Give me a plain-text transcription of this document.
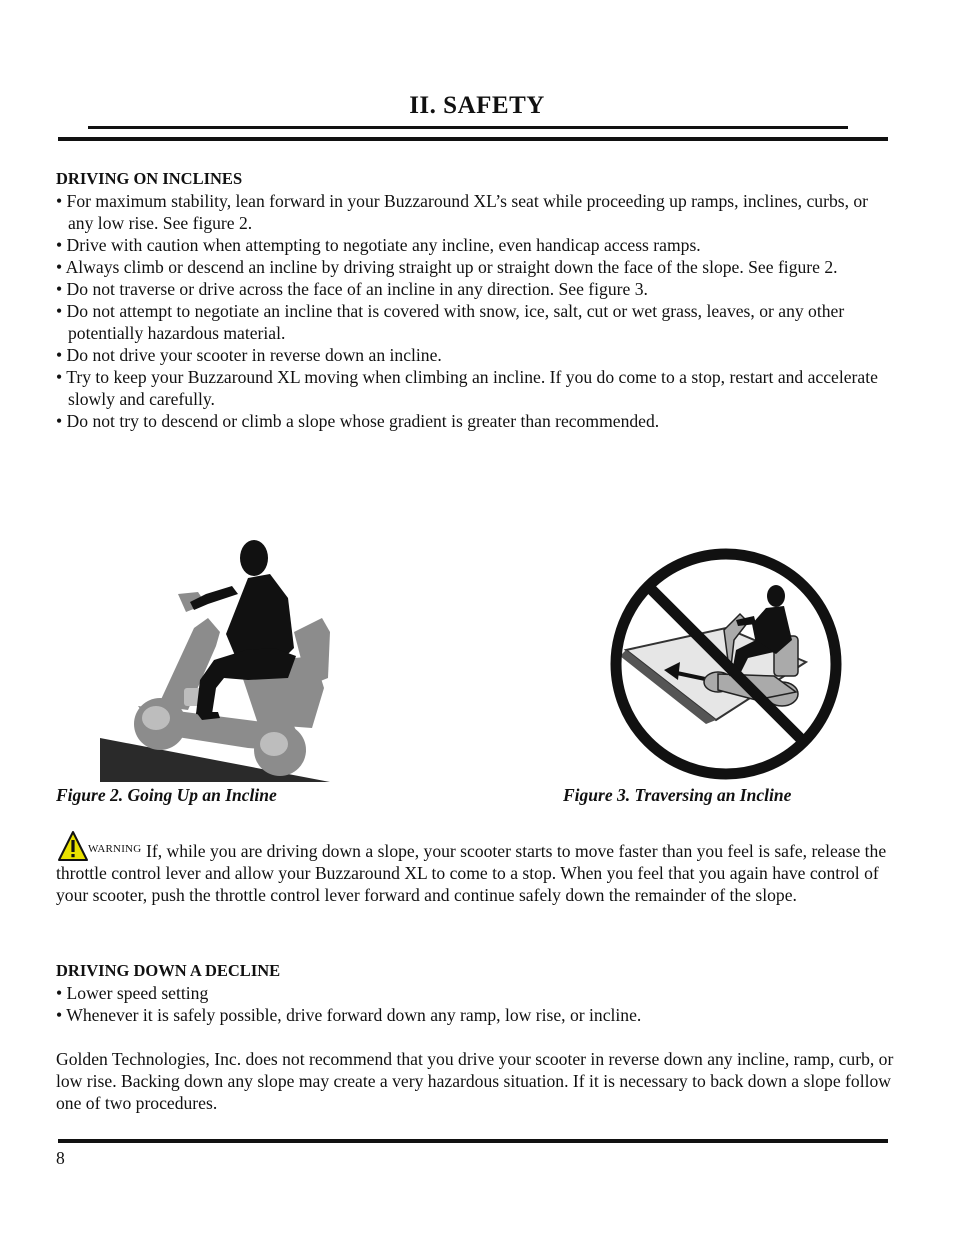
II. SAFETY
DRIVING ON INCLINES
• For maximum stability, lean forward in your Buzzaround XL’s seat while proceeding up ramps, inclines, curbs, or any low rise. See figure 2.
• Drive with caution when attempting to negotiate any incline, even handicap access ramps.
• Always climb or descend an incline by driving straight up or straight down the face of the slope. See figure 2.
• Do not traverse or drive across the face of an incline in any direction. See figure 3.
• Do not attempt to negotiate an incline that is covered with snow, ice, salt, cut or wet grass, leaves, or any other potentially hazardous material.
• Do not drive your scooter in reverse down an incline.
• Try to keep your Buzzaround XL moving when climbing an incline. If you do come to a stop, restart and accelerate slowly and carefully.
• Do not try to descend or climb a slope whose gradient is greater than recommended.
Figure 2. Going Up an Incline	Figure 3. Traversing an Incline
WARNING If, while you are driving down a slope, your scooter starts to move faster than you feel is safe, release the throttle control lever and allow your Buzzaround XL to come to a stop. When you feel that you again have control of your scooter, push the throttle control lever forward and continue safely down the remainder of the slope.
DRIVING DOWN A DECLINE
• Lower speed setting
• Whenever it is safely possible, drive forward down any ramp, low rise, or incline.
Golden Technologies, Inc. does not recommend that you drive your scooter in reverse down any incline, ramp, curb, or low rise. Backing down any slope may create a very hazardous situation. If it is necessary to back down a slope follow one of two procedures.
8
